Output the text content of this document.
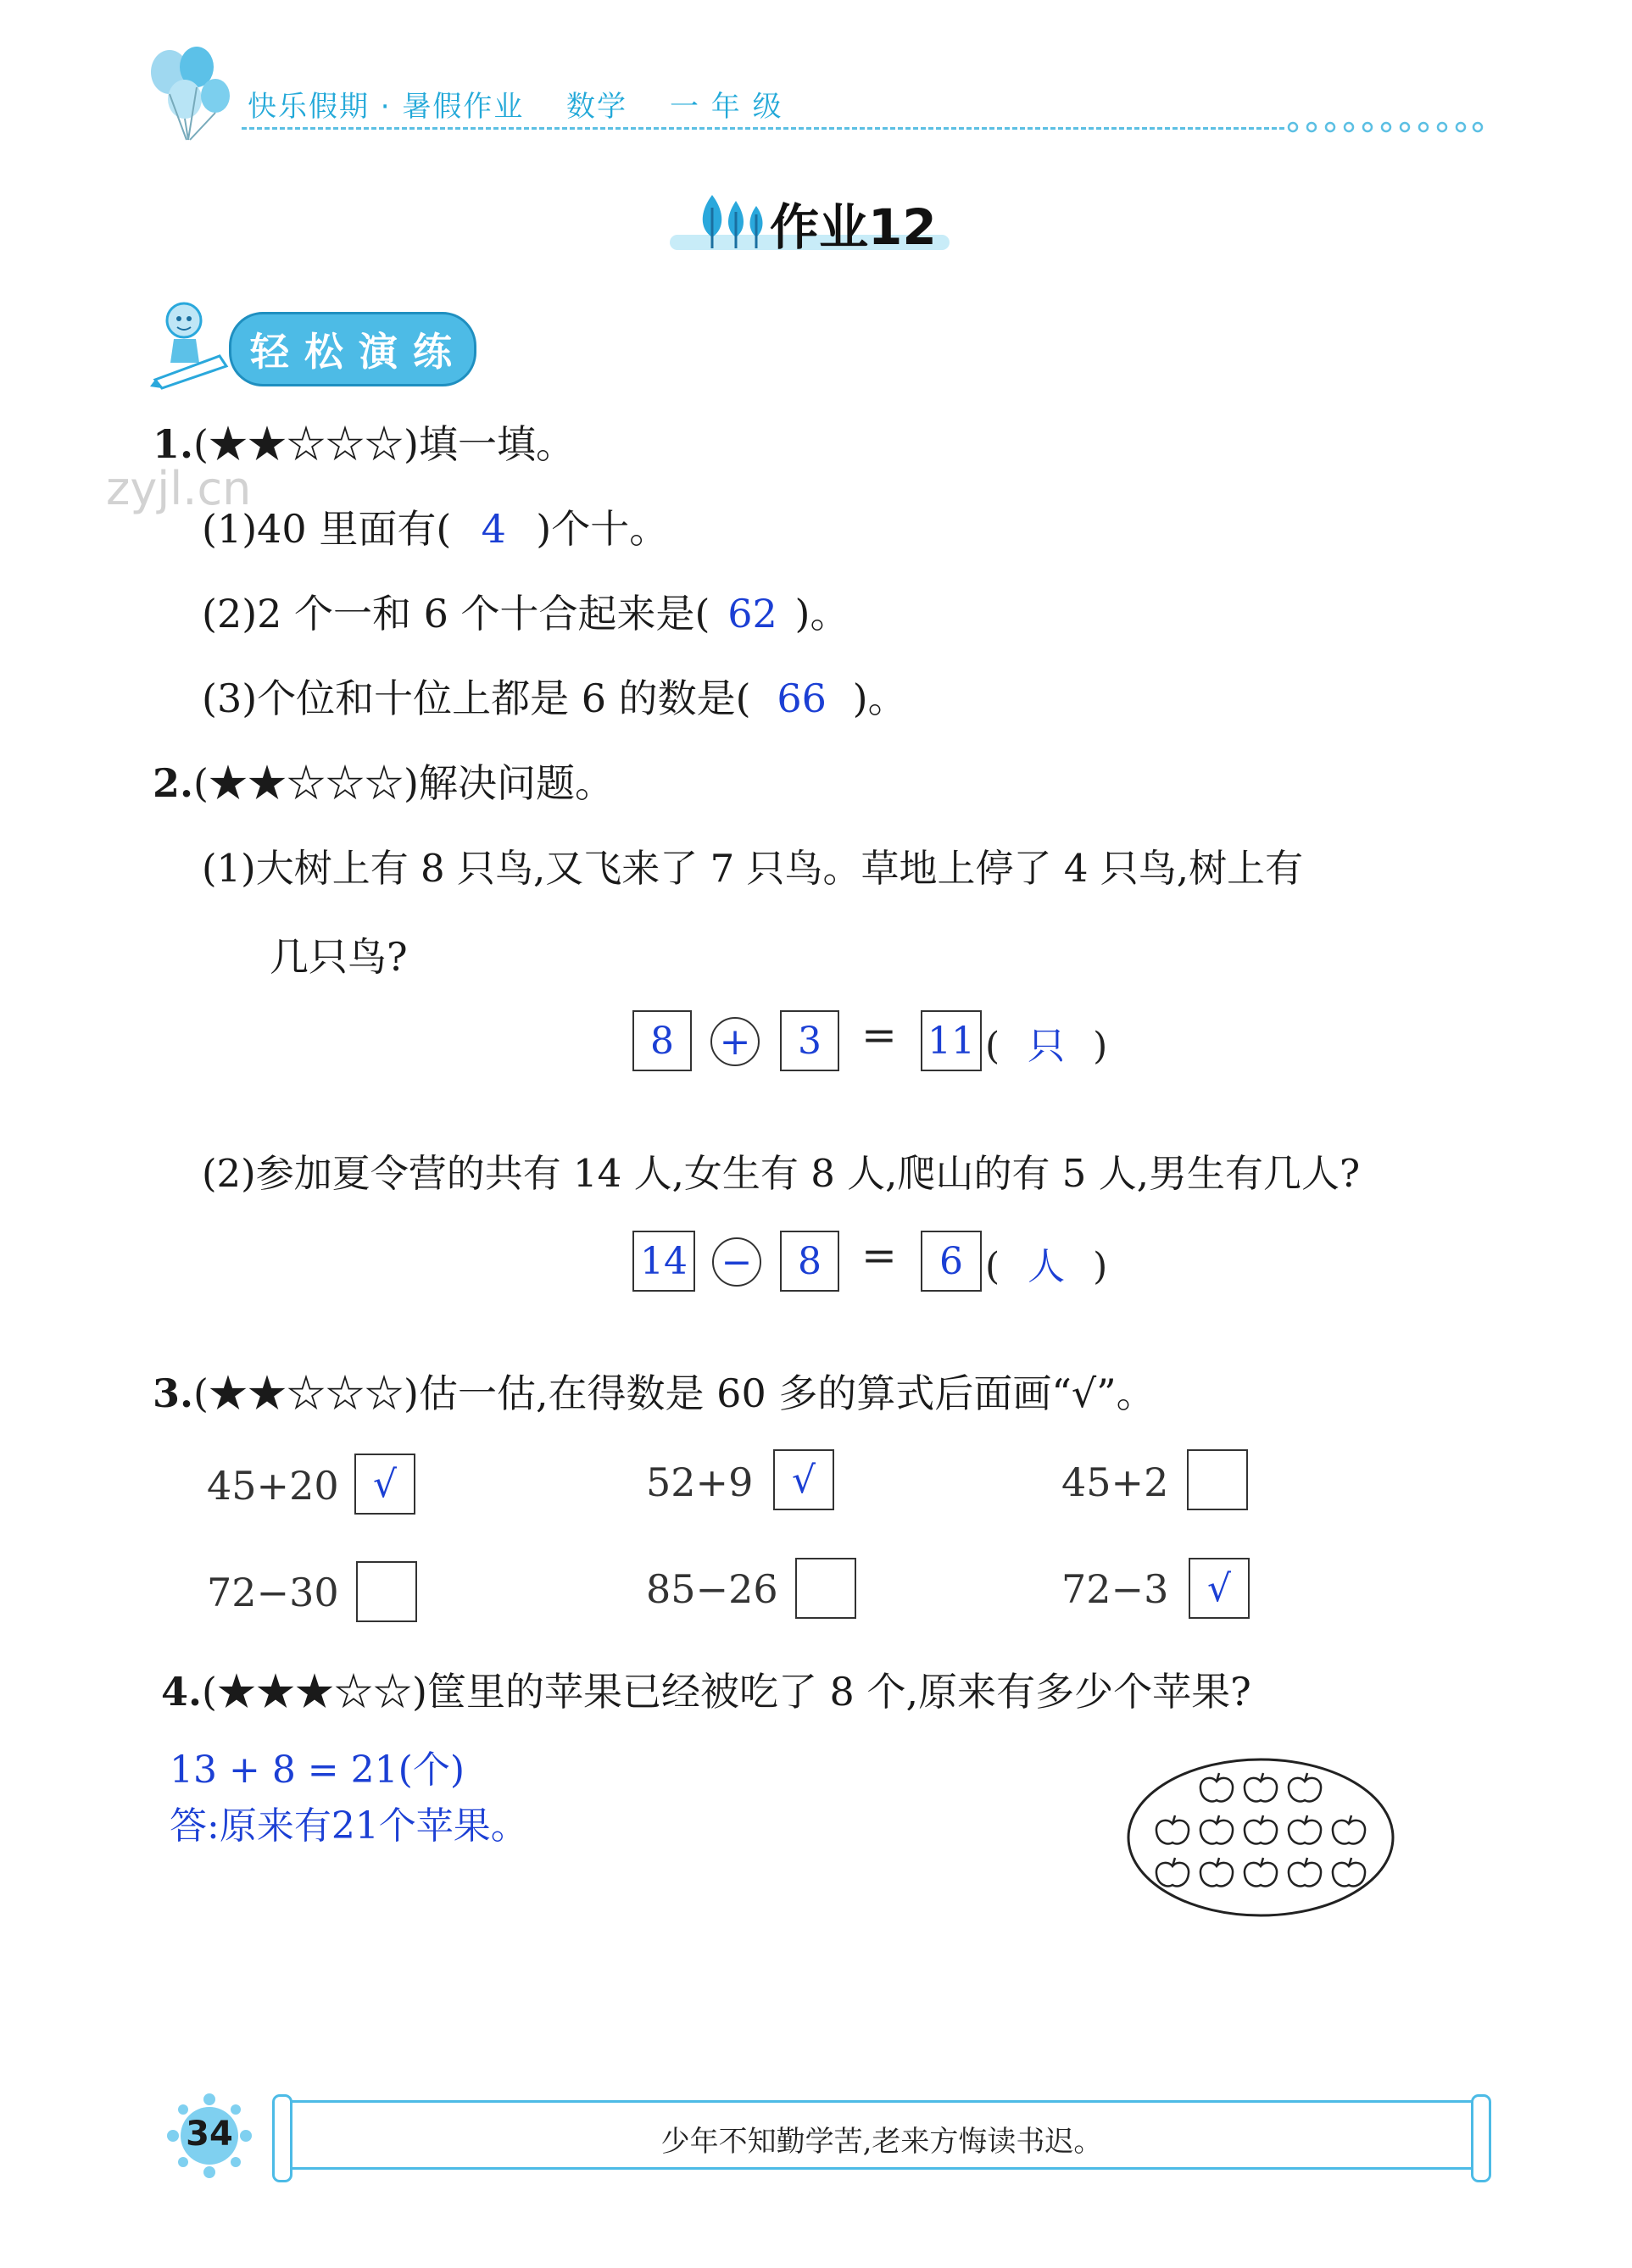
快乐假期 · 暑假作业 数学 一 年 级
作业12
轻松演练
zyjl.cn
1.(★★☆☆☆)填一填。
(1)40 里面有( 4 )个十。
(2)2 个一和 6 个十合起来是( 62 )。
(3)个位和十位上都是 6 的数是( 66 )。
2.(★★☆☆☆)解决问题。
(1)大树上有 8 只鸟,又飞来了 7 只鸟。草地上停了 4 只鸟,树上有
几只鸟?
8	+	3 = 11 ( 只 )
(2)参加夏令营的共有 14 人,女生有 8 人,爬山的有 5 人,男生有几人?
14 −	8 =	6 ( 人 )
3.(★★☆☆☆)估一估,在得数是 60 多的算式后面画“√”。
45+20 √	52+9	√	45+2
72−30	85−26	72−3	√
4.(★★★☆☆)筐里的苹果已经被吃了 8 个,原来有多少个苹果?
13 + 8 = 21(个)
答:原来有21个苹果。
34	少年不知勤学苦,老来方悔读书迟。
